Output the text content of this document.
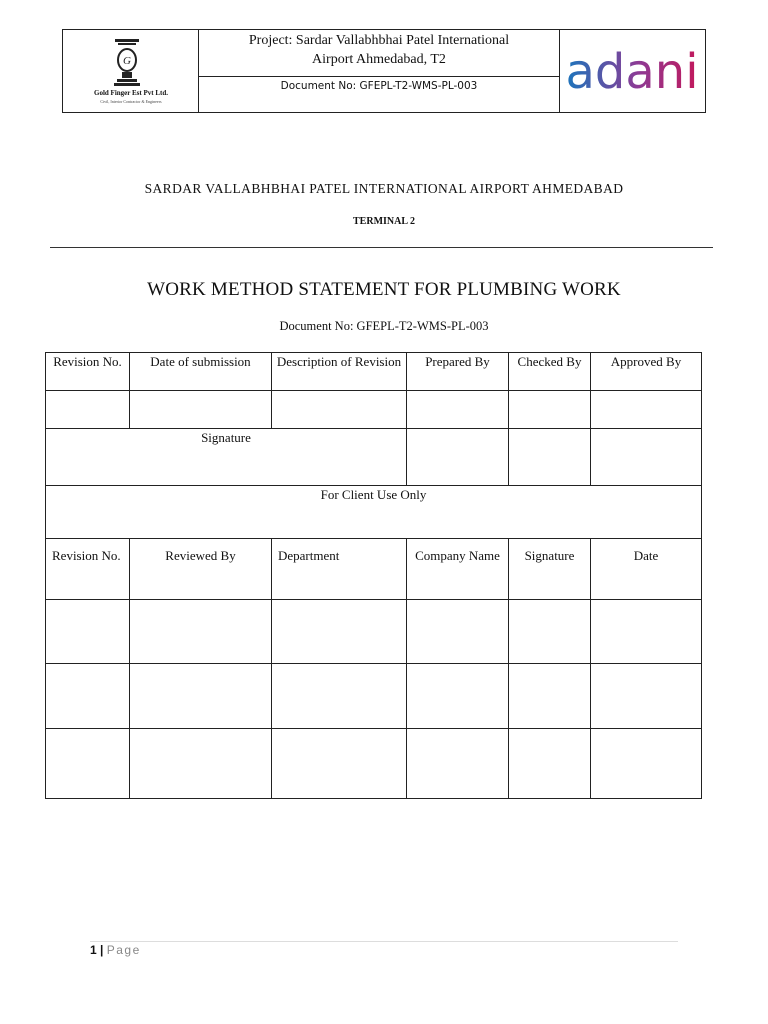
G
Gold Finger Est Pvt Ltd.
Civil, Interior Contractor & Engineers
Project: Sardar Vallabhbhai Patel International
Airport Ahmedabad, T2
Document No: GFEPL-T2-WMS-PL-003	adani
SARDAR VALLABHBHAI PATEL INTERNATIONAL AIRPORT AHMEDABAD
TERMINAL 2
WORK METHOD STATEMENT FOR PLUMBING WORK
Document No: GFEPL-T2-WMS-PL-003
Revision No.	Date of submission	Description of Revision	Prepared By	Checked By	Approved By

Signature					
For Client Use Only					
Revision No.	Reviewed By	Department	Company Name	Signature	Date

1 | Page
